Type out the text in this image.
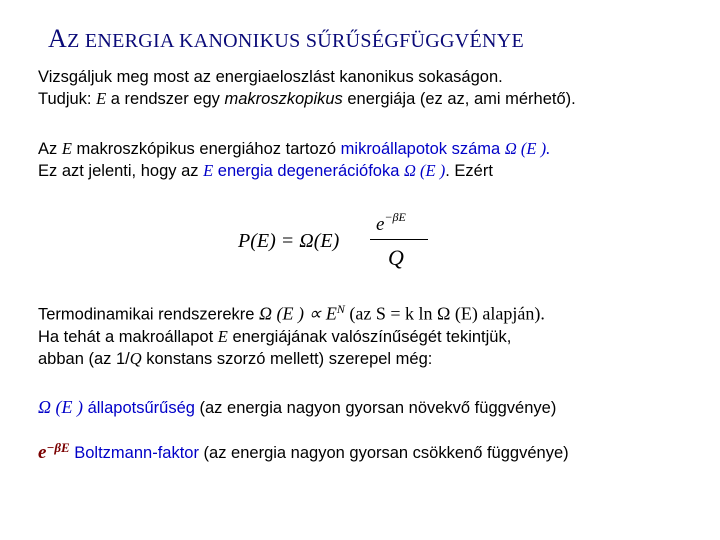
AZ ENERGIA KANONIKUS SŰRŰSÉGFÜGGVÉNYE
Vizsgáljuk meg most az energiaeloszlást kanonikus sokaságon.
Tudjuk: E a rendszer egy makroszkopikus energiája (ez az, ami mérhető).
Az E makroszkópikus energiához tartozó mikroállapotok száma Ω (E ).
Ez azt jelenti, hogy az E energia degenerációfoka Ω (E ). Ezért
P(E) = Ω(E)
$e^{-\beta E}$
Q
Termodinamikai rendszerekre Ω (E ) ∝ $E^N$ (az S = k ln Ω (E) alapján).
Ha tehát a makroállapot E energiájának valószínűségét tekintjük,
abban (az 1/Q konstans szorzó mellett) szerepel még:
Ω (E ) állapotsűrűség (az energia nagyon gyorsan növekvő függvénye)
$e^{-\beta E}$ Boltzmann-faktor (az energia nagyon gyorsan csökkenő függvénye)
